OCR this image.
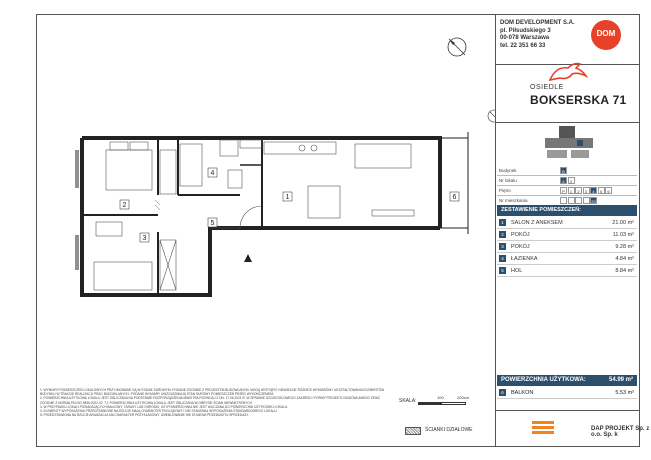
DOM DEVELOPMENT S.A.
pl. Piłsudskiego 3
00-078 Warszawa
tel. 22 351 66 33
DOM
OSIEDLE
BOKSERSKA 71
Budynek	B
Nr lokalu	6	3
Piętro	P	1	2	3	4	5	6
Nr mieszkania	20
ZESTAWIENIE POMIESZCZEŃ:
1	SALON Z ANEKSEM	21.00 m²
2	POKÓJ	11.03 m²
3	POKÓJ	9.28 m²
4	ŁAZIENKA	4.84 m²
5	HOL	8.84 m²
POWIERZCHNIA UŻYTKOWA:	54.99 m²
6	BALKON	5.53 m²
DAP PROJEKT Sp. z o.o. Sp. k
1. WYMIARY POMIESZCZEŃ LOKALOWYCH PRZYJMOWANE SĄ W STANIE SUROWYM. PODANE ZGODNIE Z PROJEKTEM BUDOWLANYM. MOGĄ WYSTĄPIĆ NIEWIELKIE RÓŻNICE WYMIARÓW I UKSZTAŁTOWANIA ELEMENTÓW BUDYNKU W TRAKCIE REALIZACJI PRAC BUDOWLANYCH. PODANE WYMIARY UWZGLĘDNIAJĄ STAN SUROWY POMIESZCZEŃ PRZED WYKOŃCZENIEM.
2. POWIERZCHNIA UŻYTKOWA LOKALU JEST OBLICZANA NA PODSTAWIE ROZPORZĄDZENIA MINISTRA ROZWOJU Z DN. 17.06.2021 R. W SPRAWIE SZCZEGÓŁOWEGO ZAKRESU I FORMY PROJEKTU BUDOWLANEGO ORAZ ZGODNIE Z NORMĄ PN-ISO 9836:2022-02. TJ. POWIERZCHNIA UŻYTKOWA LOKALU JEST OBLICZANA W OBRYSIE ŚCIAN WEWNĘTRZNYCH.
3. W PRZYPADKU LOKALI POSIADAJĄCYCH BALKONY, TARASY LUB OGRÓDKI, ICH POWIERZCHNIA NIE JEST WLICZANA DO POWIERZCHNI UŻYTKOWEJ LOKALU.
4. ELEMENTY WYPOSAŻENIA PRZEDSTAWIONE NA RZUCIE MAJĄ CHARAKTER POGLĄDOWY I NIE STANOWIĄ WYPOSAŻENIA STANDARDOWEGO LOKALU.
5. PRZEDSTAWIONA NA RZUCIE ARANŻACJA MA CHARAKTER PRZYKŁADOWY, UMEBLOWANIE NIE STANOWI PRZEDMIOTU SPRZEDAŻY.
SKALA:
100	200cm
ŚCIANKI DZIAŁOWE
1
2
3
4
5
6
